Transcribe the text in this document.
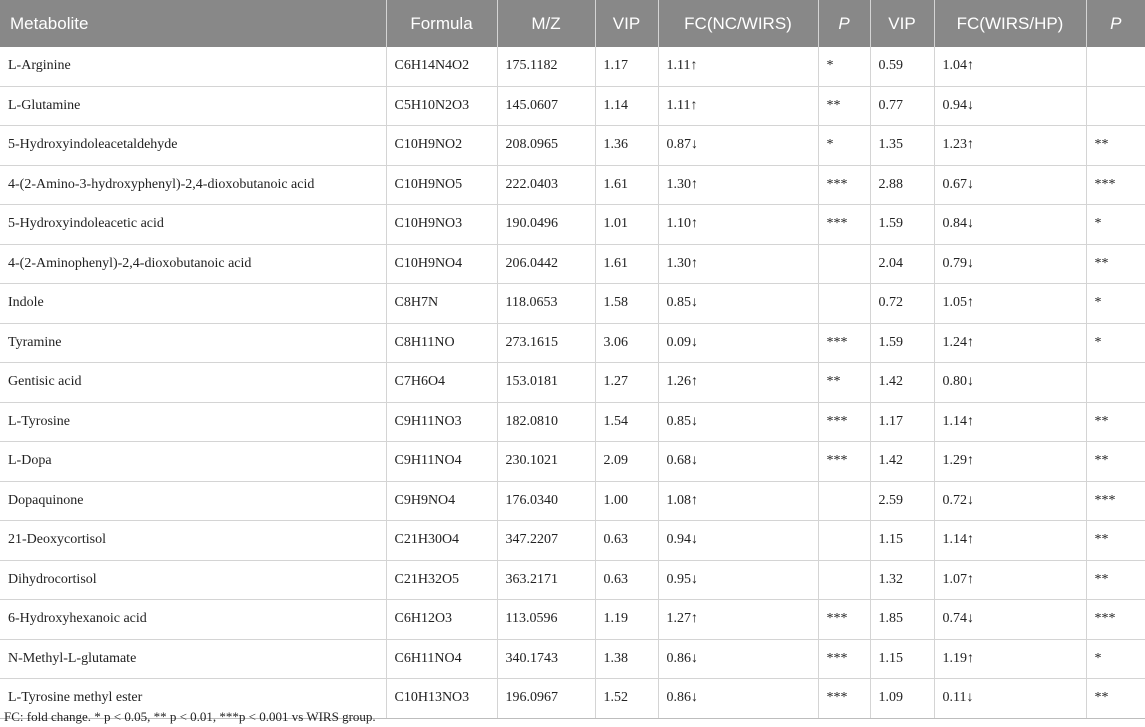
Metabolite	Formula	M/Z	VIP	FC(NC/WIRS)	P	VIP	FC(WIRS/HP)	P
L-Arginine	C6H14N4O2	175.1182	1.17	1.11↑	*	0.59	1.04↑	
L-Glutamine	C5H10N2O3	145.0607	1.14	1.11↑	**	0.77	0.94↓	
5-Hydroxyindoleacetaldehyde	C10H9NO2	208.0965	1.36	0.87↓	*	1.35	1.23↑	**
4-(2-Amino-3-hydroxyphenyl)-2,4-dioxobutanoic acid	C10H9NO5	222.0403	1.61	1.30↑	***	2.88	0.67↓	***
5-Hydroxyindoleacetic acid	C10H9NO3	190.0496	1.01	1.10↑	***	1.59	0.84↓	*
4-(2-Aminophenyl)-2,4-dioxobutanoic acid	C10H9NO4	206.0442	1.61	1.30↑		2.04	0.79↓	**
Indole	C8H7N	118.0653	1.58	0.85↓		0.72	1.05↑	*
Tyramine	C8H11NO	273.1615	3.06	0.09↓	***	1.59	1.24↑	*
Gentisic acid	C7H6O4	153.0181	1.27	1.26↑	**	1.42	0.80↓	
L-Tyrosine	C9H11NO3	182.0810	1.54	0.85↓	***	1.17	1.14↑	**
L-Dopa	C9H11NO4	230.1021	2.09	0.68↓	***	1.42	1.29↑	**
Dopaquinone	C9H9NO4	176.0340	1.00	1.08↑		2.59	0.72↓	***
21-Deoxycortisol	C21H30O4	347.2207	0.63	0.94↓		1.15	1.14↑	**
Dihydrocortisol	C21H32O5	363.2171	0.63	0.95↓		1.32	1.07↑	**
6-Hydroxyhexanoic acid	C6H12O3	113.0596	1.19	1.27↑	***	1.85	0.74↓	***
N-Methyl-L-glutamate	C6H11NO4	340.1743	1.38	0.86↓	***	1.15	1.19↑	*
L-Tyrosine methyl ester	C10H13NO3	196.0967	1.52	0.86↓	***	1.09	0.11↓	**
FC: fold change. * p < 0.05, ** p < 0.01, ***p < 0.001 vs WIRS group.
